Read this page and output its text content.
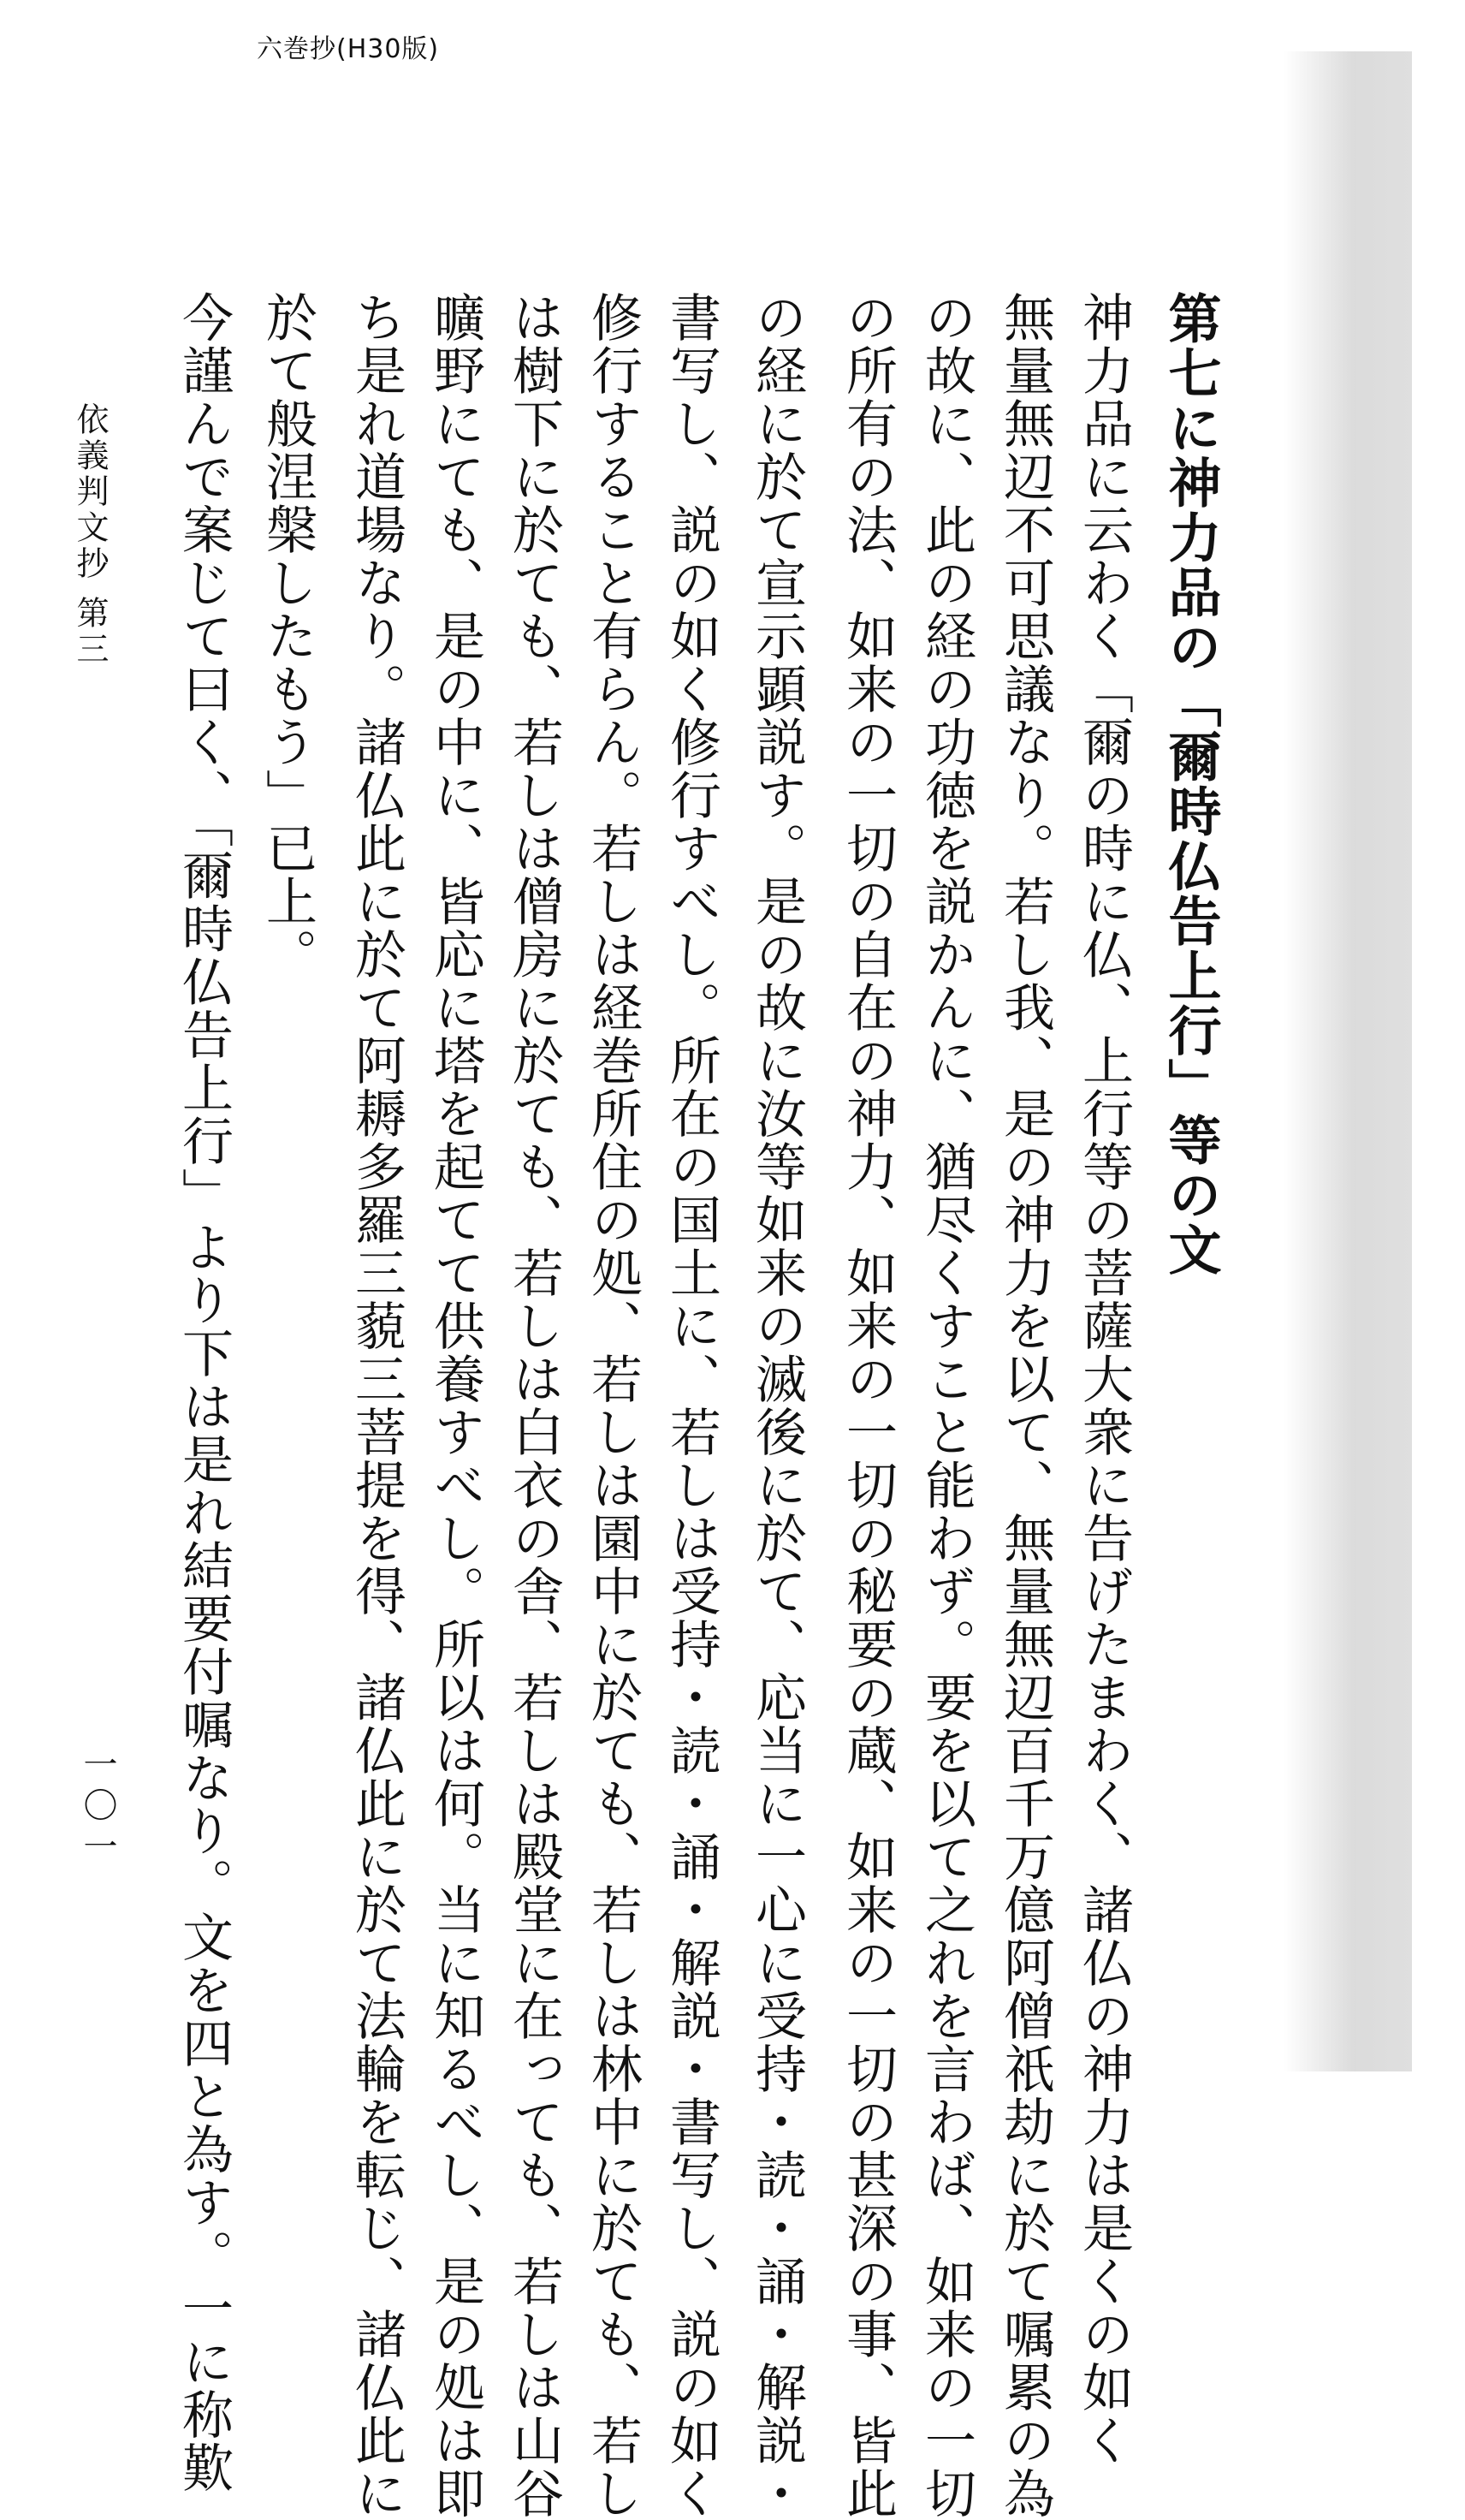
六巻抄(H30版)
第七に神力品の「爾時仏告上行」等の文
神力品に云わく「爾の時に仏、上行等の菩薩大衆に告げたまわく、諸仏の神力は是くの如く
無量無辺不可思議なり。若し我、是の神力を以て、無量無辺百千万億阿僧祇劫に於て嘱累の為
の故に、此の経の功徳を説かんに、猶尽くすこと能わず。要を以て之れを言わば、如来の一切
の所有の法、如来の一切の自在の神力、如来の一切の秘要の蔵、如来の一切の甚深の事、皆此
の経に於て宣示顕説す。是の故に汝等如来の滅後に於て、応当に一心に受持・読・誦・解説・
書写し、説の如く修行すべし。所在の国土に、若しは受持・読・誦・解説・書写し、説の如く
修行すること有らん。若しは経巻所住の処、若しは園中に於ても、若しは林中に於ても、若し
は樹下に於ても、若しは僧房に於ても、若しは白衣の舎、若しは殿堂に在っても、若しは山谷
曠野にても、是の中に、皆応に塔を起てて供養すべし。所以は何。当に知るべし、是の処は即
ち是れ道場なり。諸仏此に於て阿耨多羅三藐三菩提を得、諸仏此に於て法輪を転じ、諸仏此に
於て般涅槃したもう」已上。
今謹んで案じて曰く、「爾時仏告上行」より下は是れ結要付嘱なり。文を四と為す。一に称歎
依義判文抄 第三
一〇一
